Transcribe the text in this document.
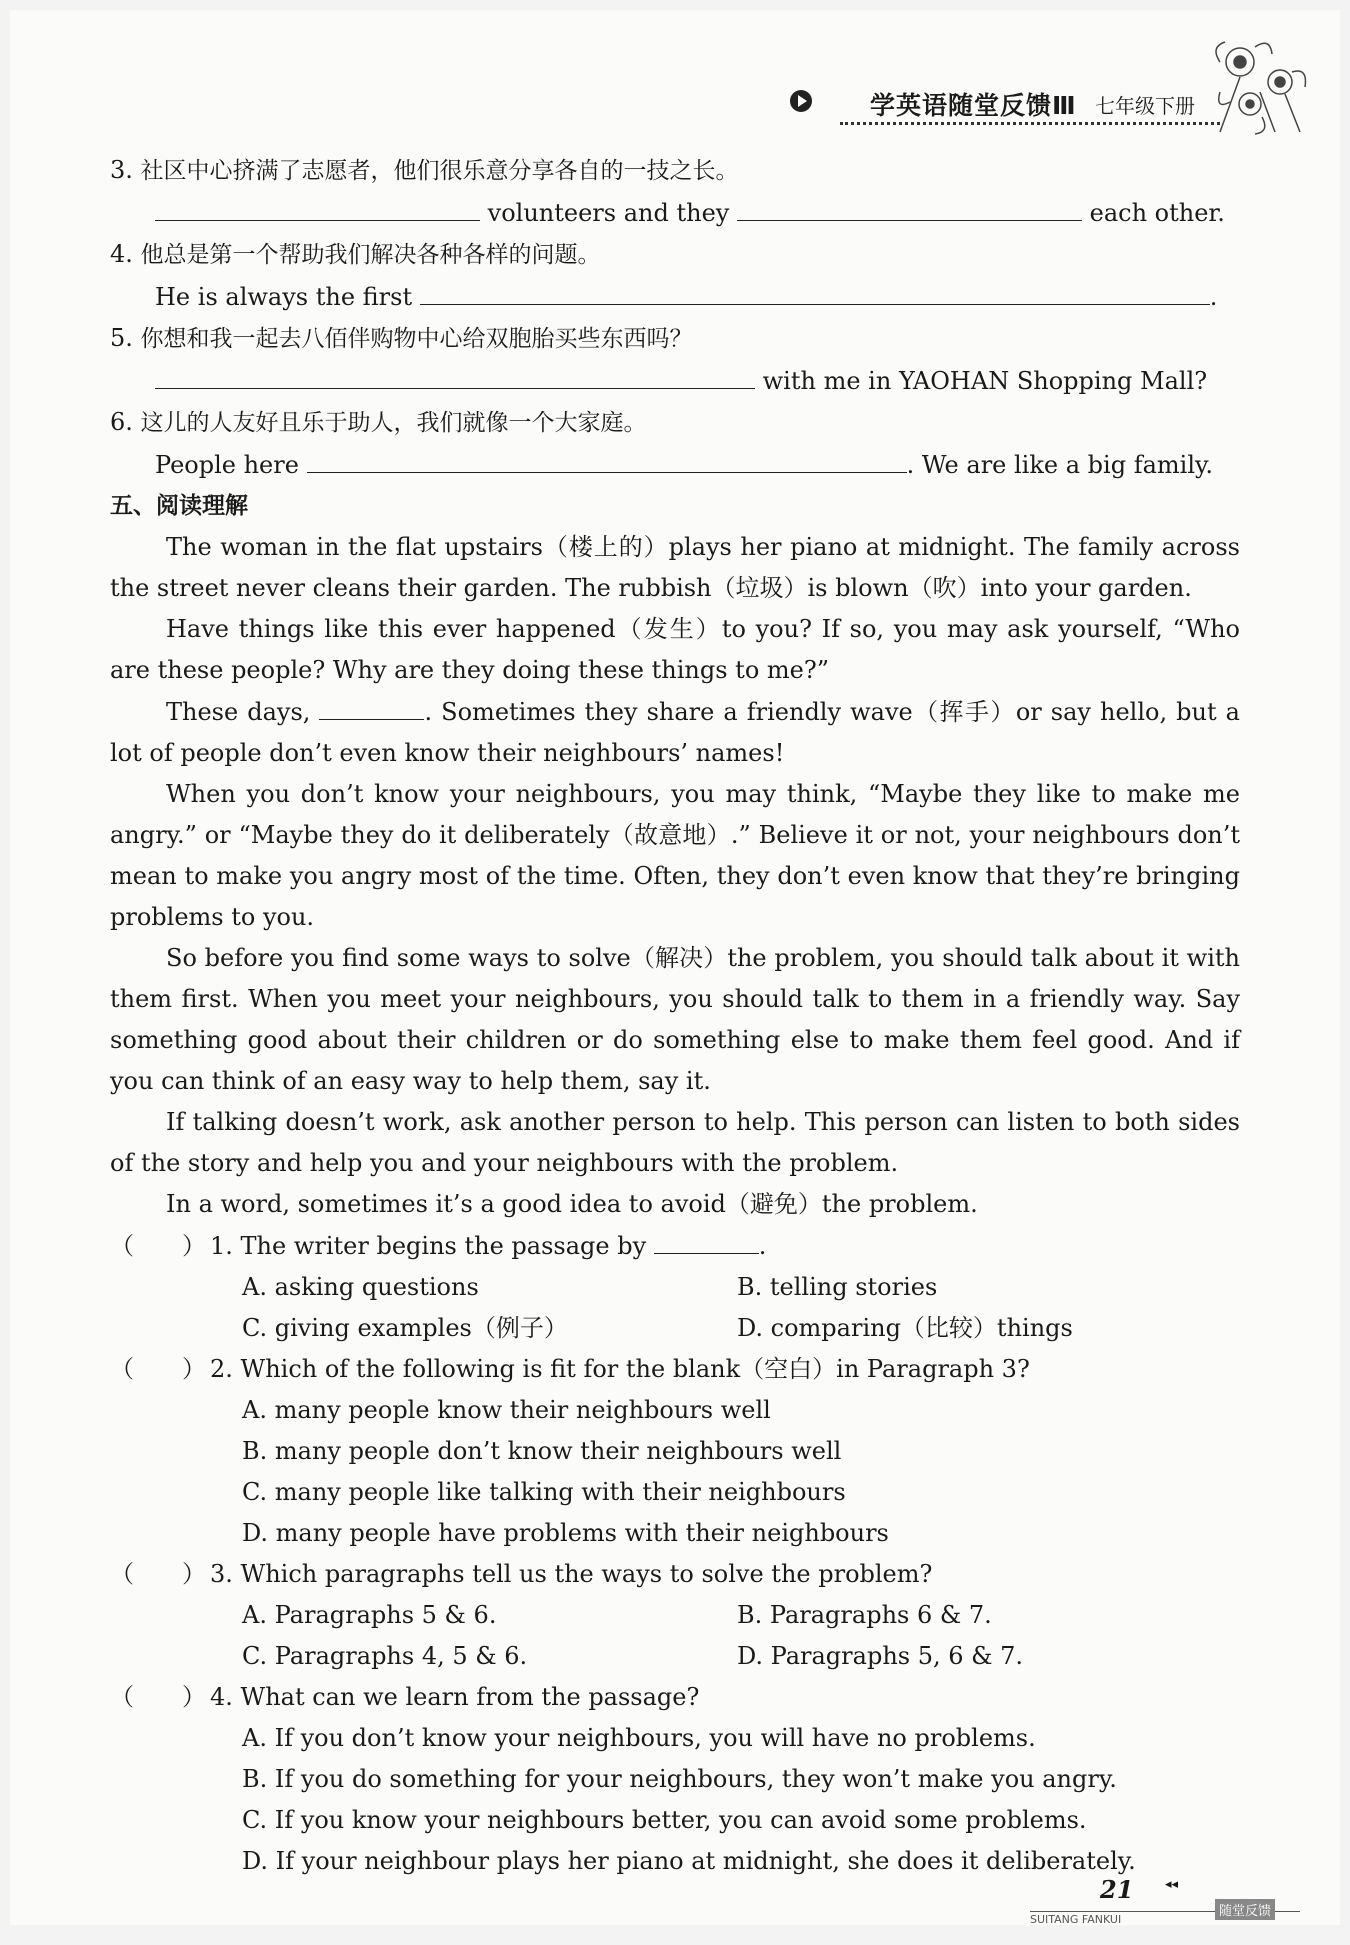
学英语随堂反馈Ⅲ 七年级下册
3. 社区中心挤满了志愿者，他们很乐意分享各自的一技之长。
volunteers and they	each other.
4. 他总是第一个帮助我们解决各种各样的问题。
He is always the first	.
5. 你想和我一起去八佰伴购物中心给双胞胎买些东西吗？
with me in YAOHAN Shopping Mall?
6. 这儿的人友好且乐于助人，我们就像一个大家庭。
People here	. We are like a big family.
五、阅读理解

The woman in the flat upstairs（楼上的）plays her piano at midnight. The family across the street never cleans their garden. The rubbish（垃圾）is blown（吹）into your garden.

Have things like this ever happened（发生）to you? If so, you may ask yourself, “Who are these people? Why are they doing these things to me?”

These days,	. Sometimes they share a friendly wave（挥手）or say hello, but a lot of people don’t even know their neighbours’ names!

When you don’t know your neighbours, you may think, “Maybe they like to make me angry.” or “Maybe they do it deliberately（故意地）.” Believe it or not, your neighbours don’t mean to make you angry most of the time. Often, they don’t even know that they’re bringing problems to you.

So before you find some ways to solve（解决）the problem, you should talk about it with them first. When you meet your neighbours, you should talk to them in a friendly way. Say something good about their children or do something else to make them feel good. And if you can think of an easy way to help them, say it.

If talking doesn’t work, ask another person to help. This person can listen to both sides of the story and help you and your neighbours with the problem.

In a word, sometimes it’s a good idea to avoid（避免）the problem.

（　　） 1. The writer begins the passage by	.
A. asking questions	B. telling stories
C. giving examples（例子）	D. comparing（比较）things
（　　） 2. Which of the following is fit for the blank（空白）in Paragraph 3?
A. many people know their neighbours well
B. many people don’t know their neighbours well
C. many people like talking with their neighbours
D. many people have problems with their neighbours
（　　） 3. Which paragraphs tell us the ways to solve the problem?
A. Paragraphs 5 & 6.	B. Paragraphs 6 & 7.
C. Paragraphs 4, 5 & 6.	D. Paragraphs 5, 6 & 7.
（　　） 4. What can we learn from the passage?
A. If you don’t know your neighbours, you will have no problems.
B. If you do something for your neighbours, they won’t make you angry.
C. If you know your neighbours better, you can avoid some problems.
D. If your neighbour plays her piano at midnight, she does it deliberately.
21 ◂◂
SUITANG FANKUI
随堂反馈
